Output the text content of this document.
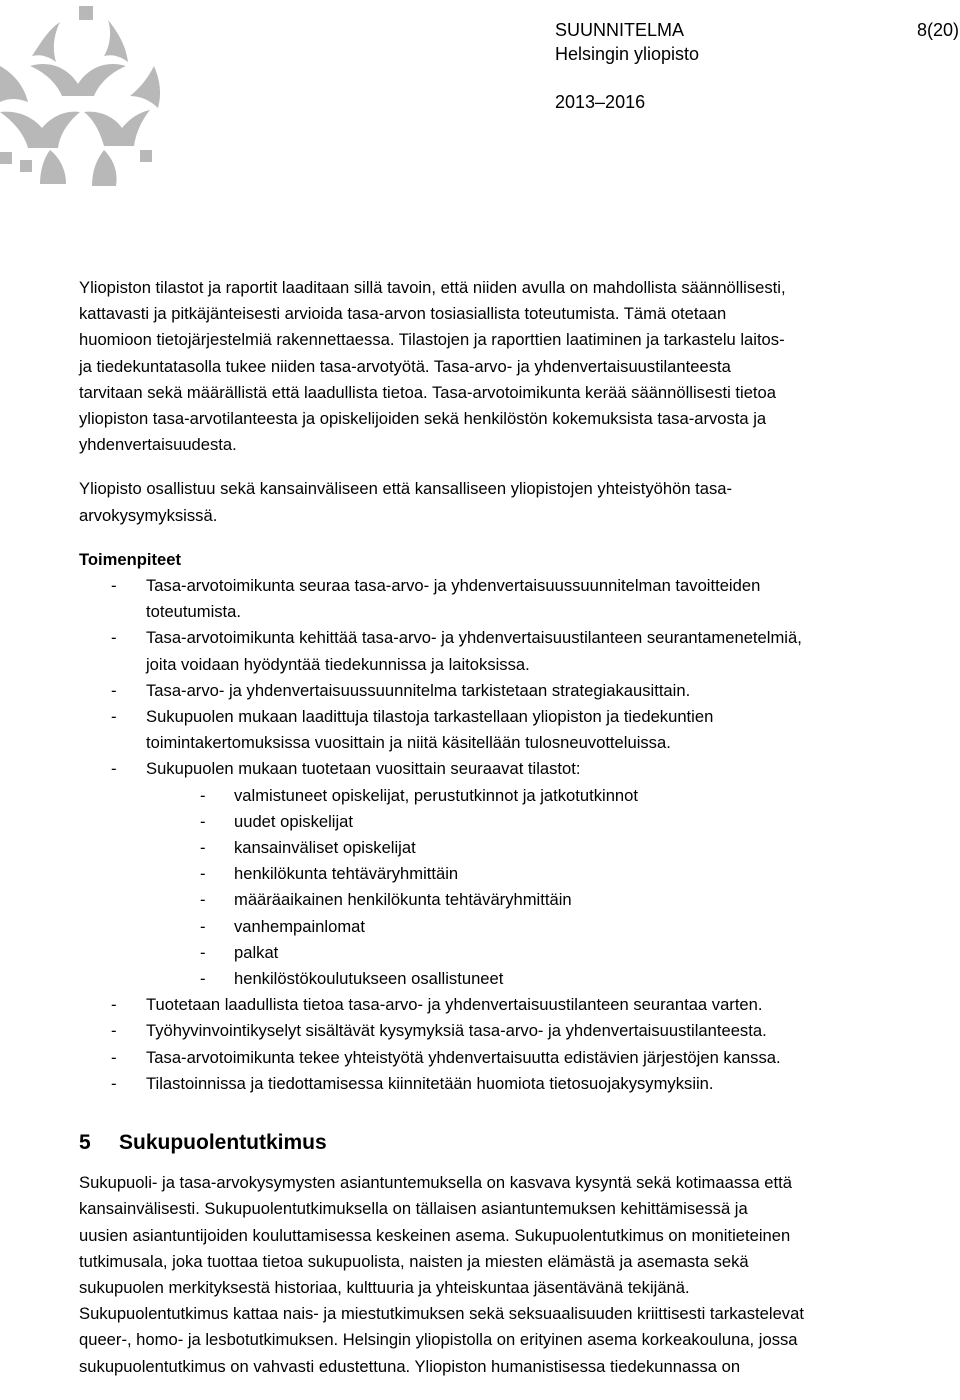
SUUNNITELMA	8(20)
Helsingin yliopisto
2013–2016

Yliopiston tilastot ja raportit laaditaan sillä tavoin, että niiden avulla on mahdollista säännöllisesti,
kattavasti ja pitkäjänteisesti arvioida tasa-arvon tosiasiallista toteutumista. Tämä otetaan
huomioon tietojärjestelmiä rakennettaessa. Tilastojen ja raporttien laatiminen ja tarkastelu laitos-
ja tiedekuntatasolla tukee niiden tasa-arvotyötä. Tasa-arvo- ja yhdenvertaisuustilanteesta
tarvitaan sekä määrällistä että laadullista tietoa. Tasa-arvotoimikunta kerää säännöllisesti tietoa
yliopiston tasa-arvotilanteesta ja opiskelijoiden sekä henkilöstön kokemuksista tasa-arvosta ja
yhdenvertaisuudesta.

Yliopisto osallistuu sekä kansainväliseen että kansalliseen yliopistojen yhteistyöhön tasa-
arvokysymyksissä.

Toimenpiteet

- Tasa-arvotoimikunta seuraa tasa-arvo- ja yhdenvertaisuussuunnitelman tavoitteiden
toteutumista.
- Tasa-arvotoimikunta kehittää tasa-arvo- ja yhdenvertaisuustilanteen seurantamenetelmiä,
joita voidaan hyödyntää tiedekunnissa ja laitoksissa.
- Tasa-arvo- ja yhdenvertaisuussuunnitelma tarkistetaan strategiakausittain.
- Sukupuolen mukaan laadittuja tilastoja tarkastellaan yliopiston ja tiedekuntien
toimintakertomuksissa vuosittain ja niitä käsitellään tulosneuvotteluissa.
- Sukupuolen mukaan tuotetaan vuosittain seuraavat tilastot:
- valmistuneet opiskelijat, perustutkinnot ja jatkotutkinnot
- uudet opiskelijat
- kansainväliset opiskelijat
- henkilökunta tehtäväryhmittäin
- määräaikainen henkilökunta tehtäväryhmittäin
- vanhempainlomat
- palkat
- henkilöstökoulutukseen osallistuneet
- Tuotetaan laadullista tietoa tasa-arvo- ja yhdenvertaisuustilanteen seurantaa varten.
- Työhyvinvointikyselyt sisältävät kysymyksiä tasa-arvo- ja yhdenvertaisuustilanteesta.
- Tasa-arvotoimikunta tekee yhteistyötä yhdenvertaisuutta edistävien järjestöjen kanssa.
- Tilastoinnissa ja tiedottamisessa kiinnitetään huomiota tietosuojakysymyksiin.
5 Sukupuolentutkimus

Sukupuoli- ja tasa-arvokysymysten asiantuntemuksella on kasvava kysyntä sekä kotimaassa että
kansainvälisesti. Sukupuolentutkimuksella on tällaisen asiantuntemuksen kehittämisessä ja
uusien asiantuntijoiden kouluttamisessa keskeinen asema. Sukupuolentutkimus on monitieteinen
tutkimusala, joka tuottaa tietoa sukupuolista, naisten ja miesten elämästä ja asemasta sekä
sukupuolen merkityksestä historiaa, kulttuuria ja yhteiskuntaa jäsentävänä tekijänä.
Sukupuolentutkimus kattaa nais- ja miestutkimuksen sekä seksuaalisuuden kriittisesti tarkastelevat
queer-, homo- ja lesbotutkimuksen. Helsingin yliopistolla on erityinen asema korkeakouluna, jossa
sukupuolentutkimus on vahvasti edustettuna. Yliopiston humanistisessa tiedekunnassa on
